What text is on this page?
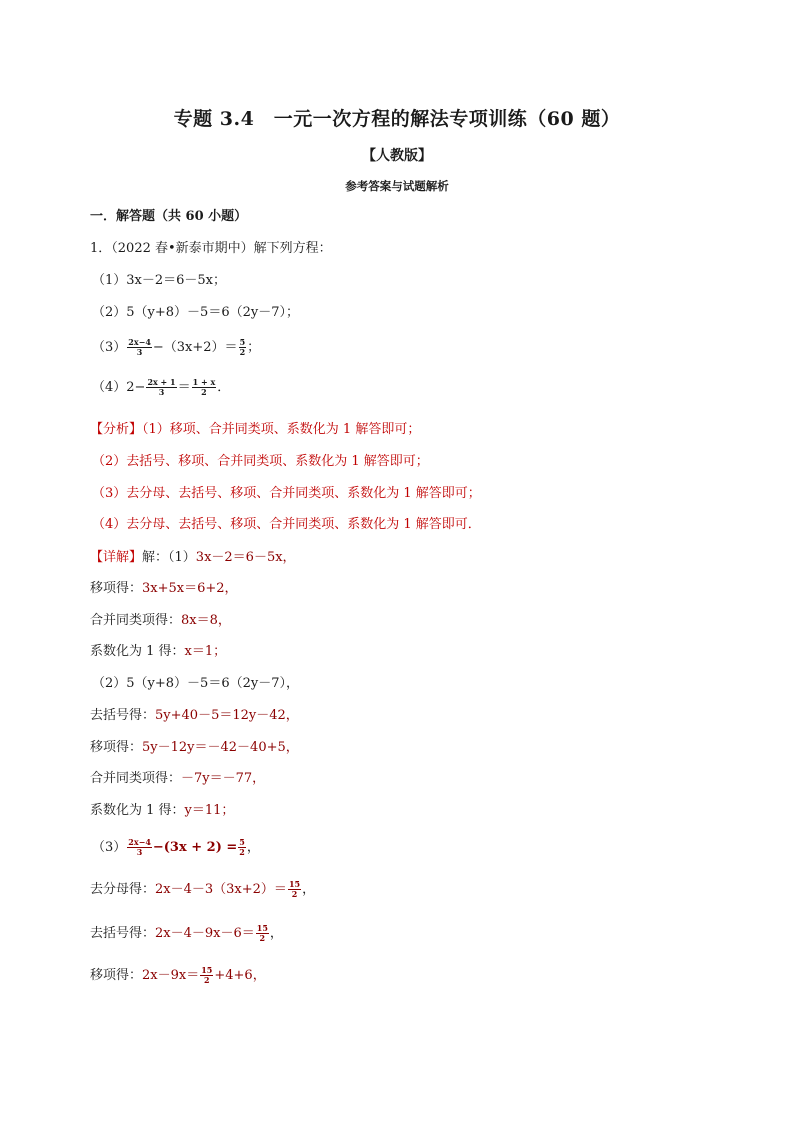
专题 3.4　一元一次方程的解法专项训练（60 题）
【人教版】
参考答案与试题解析
一．解答题（共 60 小题）
1．（2022 春•新泰市期中）解下列方程：
（1）3x－2＝6－5x；
（2）5（y+8）－5＝6（2y－7）；
$(3) \frac{2x-4}{3} -(3x+2)= \frac{5}{2}$ ；
$(4)2- \frac{2x + 1}{3} = \frac{1 + x}{2}$ ．
【分析】（1）移项、合并同类项、系数化为 1 解答即可；
（2）去括号、移项、合并同类项、系数化为 1 解答即可；
（3）去分母、去括号、移项、合并同类项、系数化为 1 解答即可；
（4）去分母、去括号、移项、合并同类项、系数化为 1 解答即可．
【详解】解：（1）3x－2＝6－5x，
移项得：3x+5x＝6+2，
合并同类项得：8x＝8，
系数化为 1 得：x＝1；
（2）5（y+8）－5＝6（2y－7），
去括号得：5y+40－5＝12y－42，
移项得：5y－12y＝－42－40+5，
合并同类项得：－7y＝－77，
系数化为 1 得：y＝11；
$(3) \frac{2x-4}{3} -(3x + 2) = \frac{5}{2}$ ，
去分母得：$2x-4-3(3x+2)= \frac{15}{2}$ ，
去括号得：$2x-4-9x-6= \frac{15}{2}$ ，
移项得：$2x-9x= \frac{15}{2} +4+6$，
